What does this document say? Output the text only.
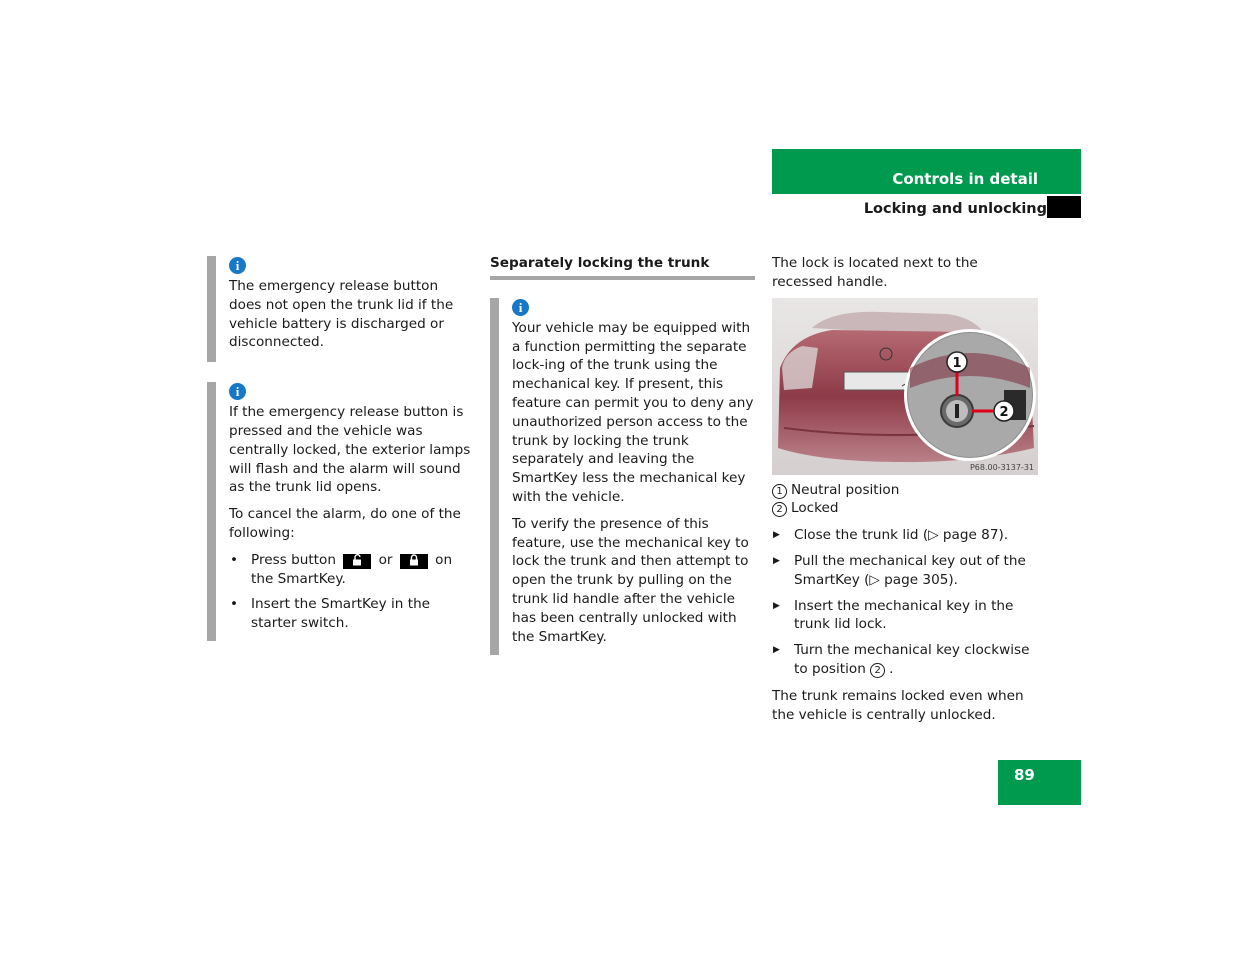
Controls in detail
Locking and unlocking
i

The emergency release button does not open the trunk lid if the vehicle battery is discharged or disconnected.

i

If the emergency release button is pressed and the vehicle was centrally locked, the exterior lamps will flash and the alarm will sound as the trunk lid opens.

To cancel the alarm, do one of the following:

• Press button	or	on the SmartKey.
• Insert the SmartKey in the starter switch.
Separately locking the trunk
i

Your vehicle may be equipped with a function permitting the separate lock-ing of the trunk using the mechanical key. If present, this feature can permit you to deny any unauthorized person access to the trunk by locking the trunk separately and leaving the SmartKey less the mechanical key with the vehicle.

To verify the presence of this feature, use the mechanical key to lock the trunk and then attempt to open the trunk by pulling on the trunk lid handle after the vehicle has been centrally unlocked with the SmartKey.

The lock is located next to the recessed handle.

1
2
P68.00-3137-31
1 Neutral position
2 Locked
▶ Close the trunk lid (▷ page 87).
▶ Pull the mechanical key out of the SmartKey (▷ page 305).
▶ Insert the mechanical key in the trunk lid lock.
▶ Turn the mechanical key clockwise to position 2 .

The trunk remains locked even when the vehicle is centrally unlocked.

89
